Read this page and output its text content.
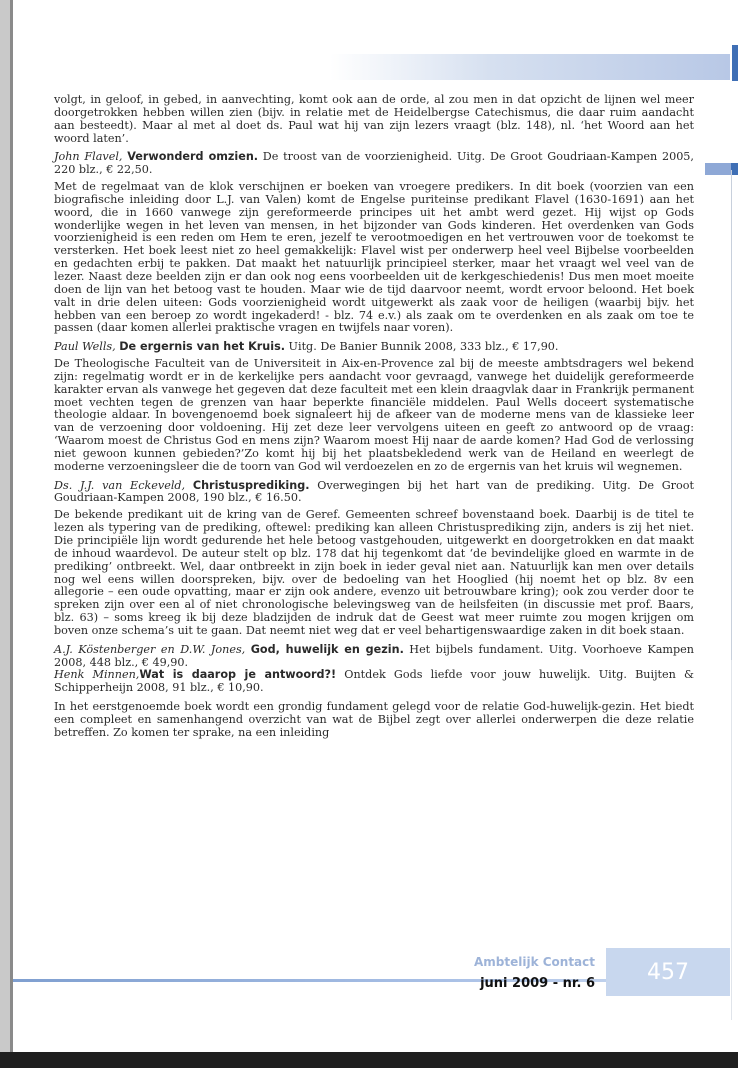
volgt, in geloof, in gebed, in aanvechting, komt ook aan de orde, al zou men in dat opzicht de lijnen wel meer doorgetrokken hebben willen zien (bijv. in relatie met de Heidelbergse Catechismus, die daar ruim aandacht aan besteedt). Maar al met al doet ds. Paul wat hij van zijn lezers vraagt (blz. 148), nl. ‘het Woord aan het woord laten’.

John Flavel, Verwonderd omzien. De troost van de voorzienigheid. Uitg. De Groot Goudriaan-Kampen 2005, 220 blz., € 22,50.

Met de regelmaat van de klok verschijnen er boeken van vroegere predikers. In dit boek (voorzien van een biografische inleiding door L.J. van Valen) komt de Engelse puriteinse predikant Flavel (1630-1691) aan het woord, die in 1660 vanwege zijn gereformeerde principes uit het ambt werd gezet. Hij wijst op Gods wonderlijke wegen in het leven van mensen, in het bijzonder van Gods kinderen. Het overdenken van Gods voorzienigheid is een reden om Hem te eren, jezelf te verootmoedigen en het vertrouwen voor de toekomst te versterken. Het boek leest niet zo heel gemakkelijk: Flavel wist per onderwerp heel veel Bijbelse voorbeelden en gedachten erbij te pakken. Dat maakt het natuurlijk principieel sterker, maar het vraagt wel veel van de lezer. Naast deze beelden zijn er dan ook nog eens voorbeelden uit de kerkgeschiedenis! Dus men moet moeite doen de lijn van het betoog vast te houden. Maar wie de tijd daarvoor neemt, wordt ervoor beloond. Het boek valt in drie delen uiteen: Gods voorzienigheid wordt uitgewerkt als zaak voor de heiligen (waarbij bijv. het hebben van een beroep zo wordt ingekaderd! - blz. 74 e.v.) als zaak om te overdenken en als zaak om toe te passen (daar komen allerlei praktische vragen en twijfels naar voren).

Paul Wells, De ergernis van het Kruis. Uitg. De Banier Bunnik 2008, 333 blz., € 17,90.

De Theologische Faculteit van de Universiteit in Aix-en-Provence zal bij de meeste ambtsdragers wel bekend zijn: regelmatig wordt er in de kerkelijke pers aandacht voor gevraagd, vanwege het duidelijk gereformeerde karakter ervan als vanwege het gegeven dat deze faculteit met een klein draagvlak daar in Frankrijk permanent moet vechten tegen de grenzen van haar beperkte financiële middelen. Paul Wells doceert systematische theologie aldaar. In bovengenoemd boek signaleert hij de afkeer van de moderne mens van de klassieke leer van de verzoening door voldoening. Hij zet deze leer vervolgens uiteen en geeft zo antwoord op de vraag: ‘Waarom moest de Christus God en mens zijn? Waarom moest Hij naar de aarde komen? Had God de verlossing niet gewoon kunnen gebieden?’Zo komt hij bij het plaatsbekledend werk van de Heiland en weerlegt de moderne verzoeningsleer die de toorn van God wil verdoezelen en zo de ergernis van het kruis wil wegnemen.

Ds. J.J. van Eckeveld, Christusprediking. Overwegingen bij het hart van de prediking. Uitg. De Groot Goudriaan-Kampen 2008, 190 blz., € 16.50.

De bekende predikant uit de kring van de Geref. Gemeenten schreef bovenstaand boek. Daarbij is de titel te lezen als typering van de prediking, oftewel: prediking kan alleen Christusprediking zijn, anders is zij het niet. Die principiële lijn wordt gedurende het hele betoog vastgehouden, uitgewerkt en doorgetrokken en dat maakt de inhoud waardevol. De auteur stelt op blz. 178 dat hij tegenkomt dat ‘de bevindelijke gloed en warmte in de prediking’ ontbreekt. Wel, daar ontbreekt in zijn boek in ieder geval niet aan. Natuurlijk kan men over details nog wel eens willen doorspreken, bijv. over de bedoeling van het Hooglied (hij noemt het op blz. 8v een allegorie – een oude opvatting, maar er zijn ook andere, evenzo uit betrouwbare kring); ook zou verder door te spreken zijn over een al of niet chronologische belevingsweg van de heilsfeiten (in discussie met prof. Baars, blz. 63) – soms kreeg ik bij deze bladzijden de indruk dat de Geest wat meer ruimte zou mogen krijgen om boven onze schema’s uit te gaan. Dat neemt niet weg dat er veel behartigenswaardige zaken in dit boek staan.

A.J. Köstenberger en D.W. Jones, God, huwelijk en gezin. Het bijbels fundament. Uitg. Voorhoeve Kampen 2008, 448 blz., € 49,90.

Henk Minnen,Wat is daarop je antwoord?! Ontdek Gods liefde voor jouw huwelijk. Uitg. Buijten & Schipperheijn 2008, 91 blz., € 10,90.

In het eerstgenoemde boek wordt een grondig fundament gelegd voor de relatie God-huwelijk-gezin. Het biedt een compleet en samenhangend overzicht van wat de Bijbel zegt over allerlei onderwerpen die deze relatie betreffen. Zo komen ter sprake, na een inleiding

Ambtelijk Contact
juni 2009 - nr. 6 457
